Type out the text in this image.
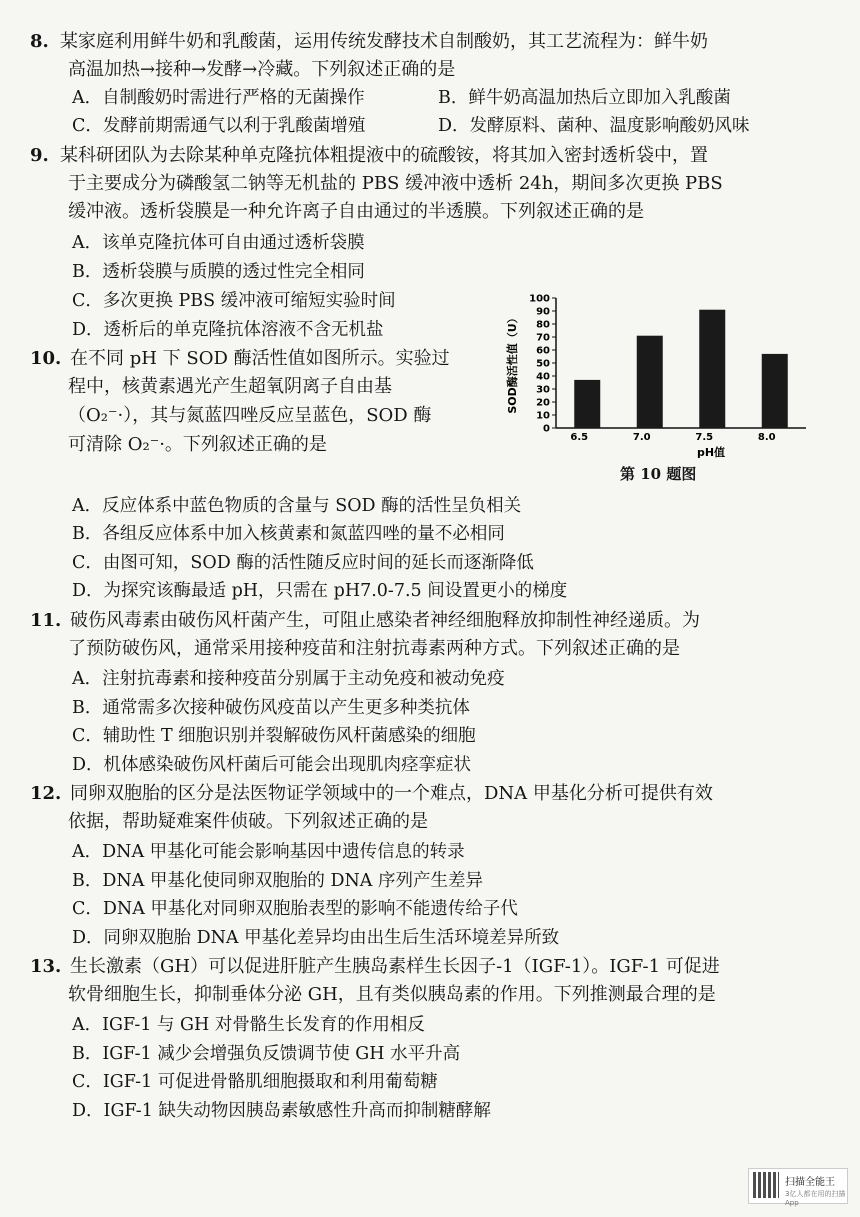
8. 某家庭利用鲜牛奶和乳酸菌，运用传统发酵技术自制酸奶，其工艺流程为：鲜牛奶
高温加热→接种→发酵→冷藏。下列叙述正确的是
A．自制酸奶时需进行严格的无菌操作	B．鲜牛奶高温加热后立即加入乳酸菌
C．发酵前期需通气以利于乳酸菌增殖	D．发酵原料、菌种、温度影响酸奶风味
9. 某科研团队为去除某种单克隆抗体粗提液中的硫酸铵，将其加入密封透析袋中，置
于主要成分为磷酸氢二钠等无机盐的 PBS 缓冲液中透析 24h，期间多次更换 PBS
缓冲液。透析袋膜是一种允许离子自由通过的半透膜。下列叙述正确的是
A．该单克隆抗体可自由通过透析袋膜
B．透析袋膜与质膜的透过性完全相同
C．多次更换 PBS 缓冲液可缩短实验时间
D．透析后的单克隆抗体溶液不含无机盐
10. 在不同 pH 下 SOD 酶活性值如图所示。实验过
程中，核黄素遇光产生超氧阴离子自由基
（O₂⁻·），其与氮蓝四唑反应呈蓝色，SOD 酶
可清除 O₂⁻·。下列叙述正确的是
0
10
20
30
40
50
60
70
80
90
100
SOD酶活性值（U）
6.5	7.0	7.5	8.0
pH值
第 10 题图
A．反应体系中蓝色物质的含量与 SOD 酶的活性呈负相关
B．各组反应体系中加入核黄素和氮蓝四唑的量不必相同
C．由图可知，SOD 酶的活性随反应时间的延长而逐渐降低
D．为探究该酶最适 pH，只需在 pH7.0-7.5 间设置更小的梯度
11. 破伤风毒素由破伤风杆菌产生，可阻止感染者神经细胞释放抑制性神经递质。为
了预防破伤风，通常采用接种疫苗和注射抗毒素两种方式。下列叙述正确的是
A．注射抗毒素和接种疫苗分别属于主动免疫和被动免疫
B．通常需多次接种破伤风疫苗以产生更多种类抗体
C．辅助性 T 细胞识别并裂解破伤风杆菌感染的细胞
D．机体感染破伤风杆菌后可能会出现肌肉痉挛症状
12. 同卵双胞胎的区分是法医物证学领域中的一个难点，DNA 甲基化分析可提供有效
依据，帮助疑难案件侦破。下列叙述正确的是
A．DNA 甲基化可能会影响基因中遗传信息的转录
B．DNA 甲基化使同卵双胞胎的 DNA 序列产生差异
C．DNA 甲基化对同卵双胞胎表型的影响不能遗传给子代
D．同卵双胞胎 DNA 甲基化差异均由出生后生活环境差异所致
13. 生长激素（GH）可以促进肝脏产生胰岛素样生长因子-1（IGF-1）。IGF-1 可促进
软骨细胞生长，抑制垂体分泌 GH，且有类似胰岛素的作用。下列推测最合理的是
A．IGF-1 与 GH 对骨骼生长发育的作用相反
B．IGF-1 减少会增强负反馈调节使 GH 水平升高
C．IGF-1 可促进骨骼肌细胞摄取和利用葡萄糖
D．IGF-1 缺失动物因胰岛素敏感性升高而抑制糖酵解
扫描全能王
3亿人都在用的扫描App
